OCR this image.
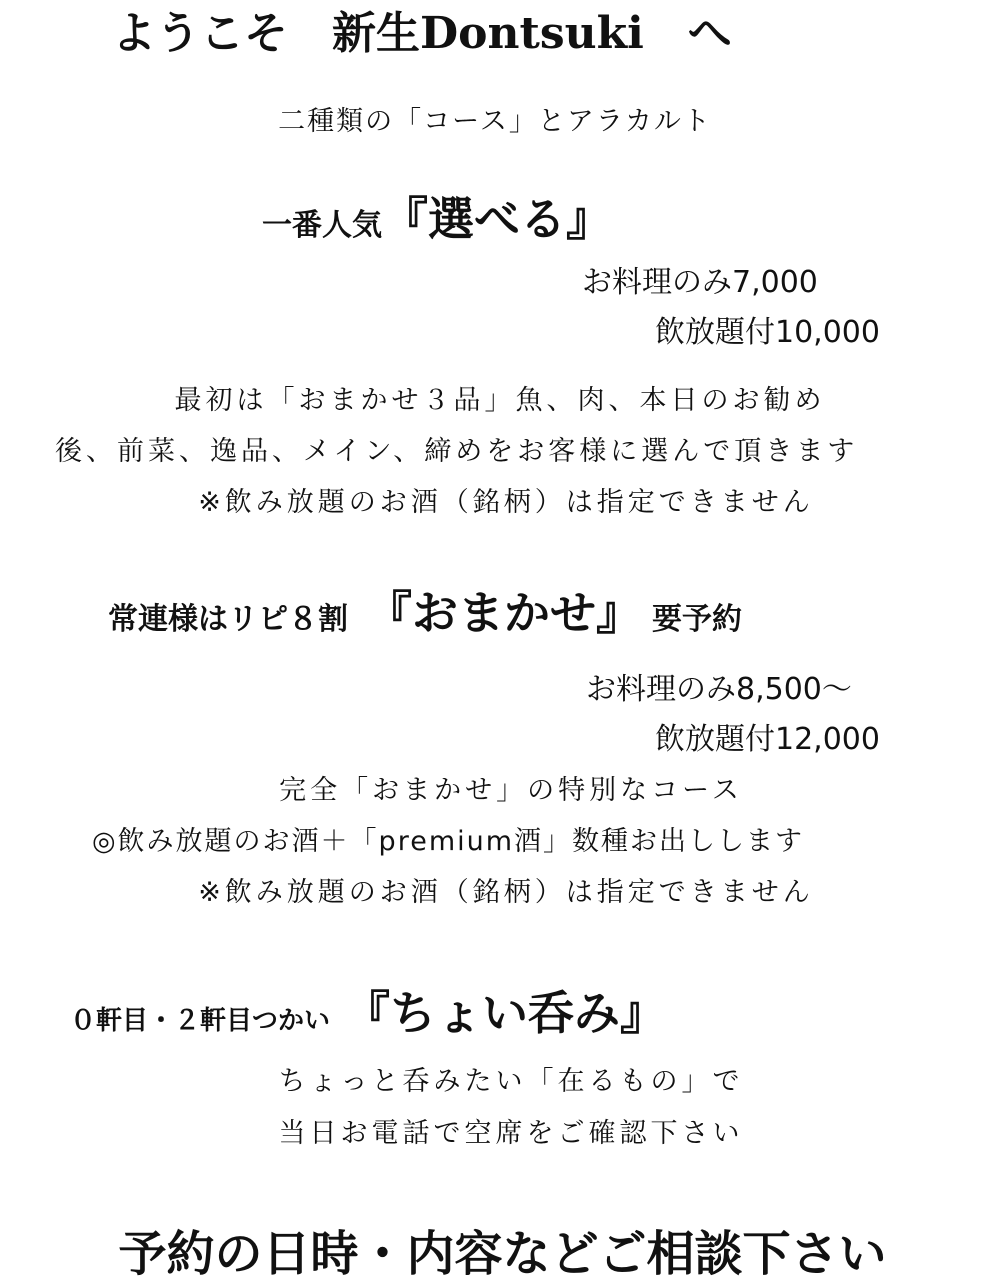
ようこそ　新生Dontsuki　へ

二種類の「コース」とアラカルト

一番人気 『選べる』

お料理のみ7,000

飲放題付10,000

最初は「おまかせ３品」魚、肉、本日のお勧め

後、前菜、逸品、メイン、締めをお客様に選んで頂きます

※飲み放題のお酒（銘柄）は指定できません

常連様はリピ８割 『おまかせ』 要予約

お料理のみ8,500～

飲放題付12,000

完全「おまかせ」の特別なコース

◎飲み放題のお酒＋「premium酒」数種お出しします

※飲み放題のお酒（銘柄）は指定できません

０軒目・２軒目つかい 『ちょい呑み』

ちょっと呑みたい「在るもの」で

当日お電話で空席をご確認下さい

予約の日時・内容などご相談下さい
